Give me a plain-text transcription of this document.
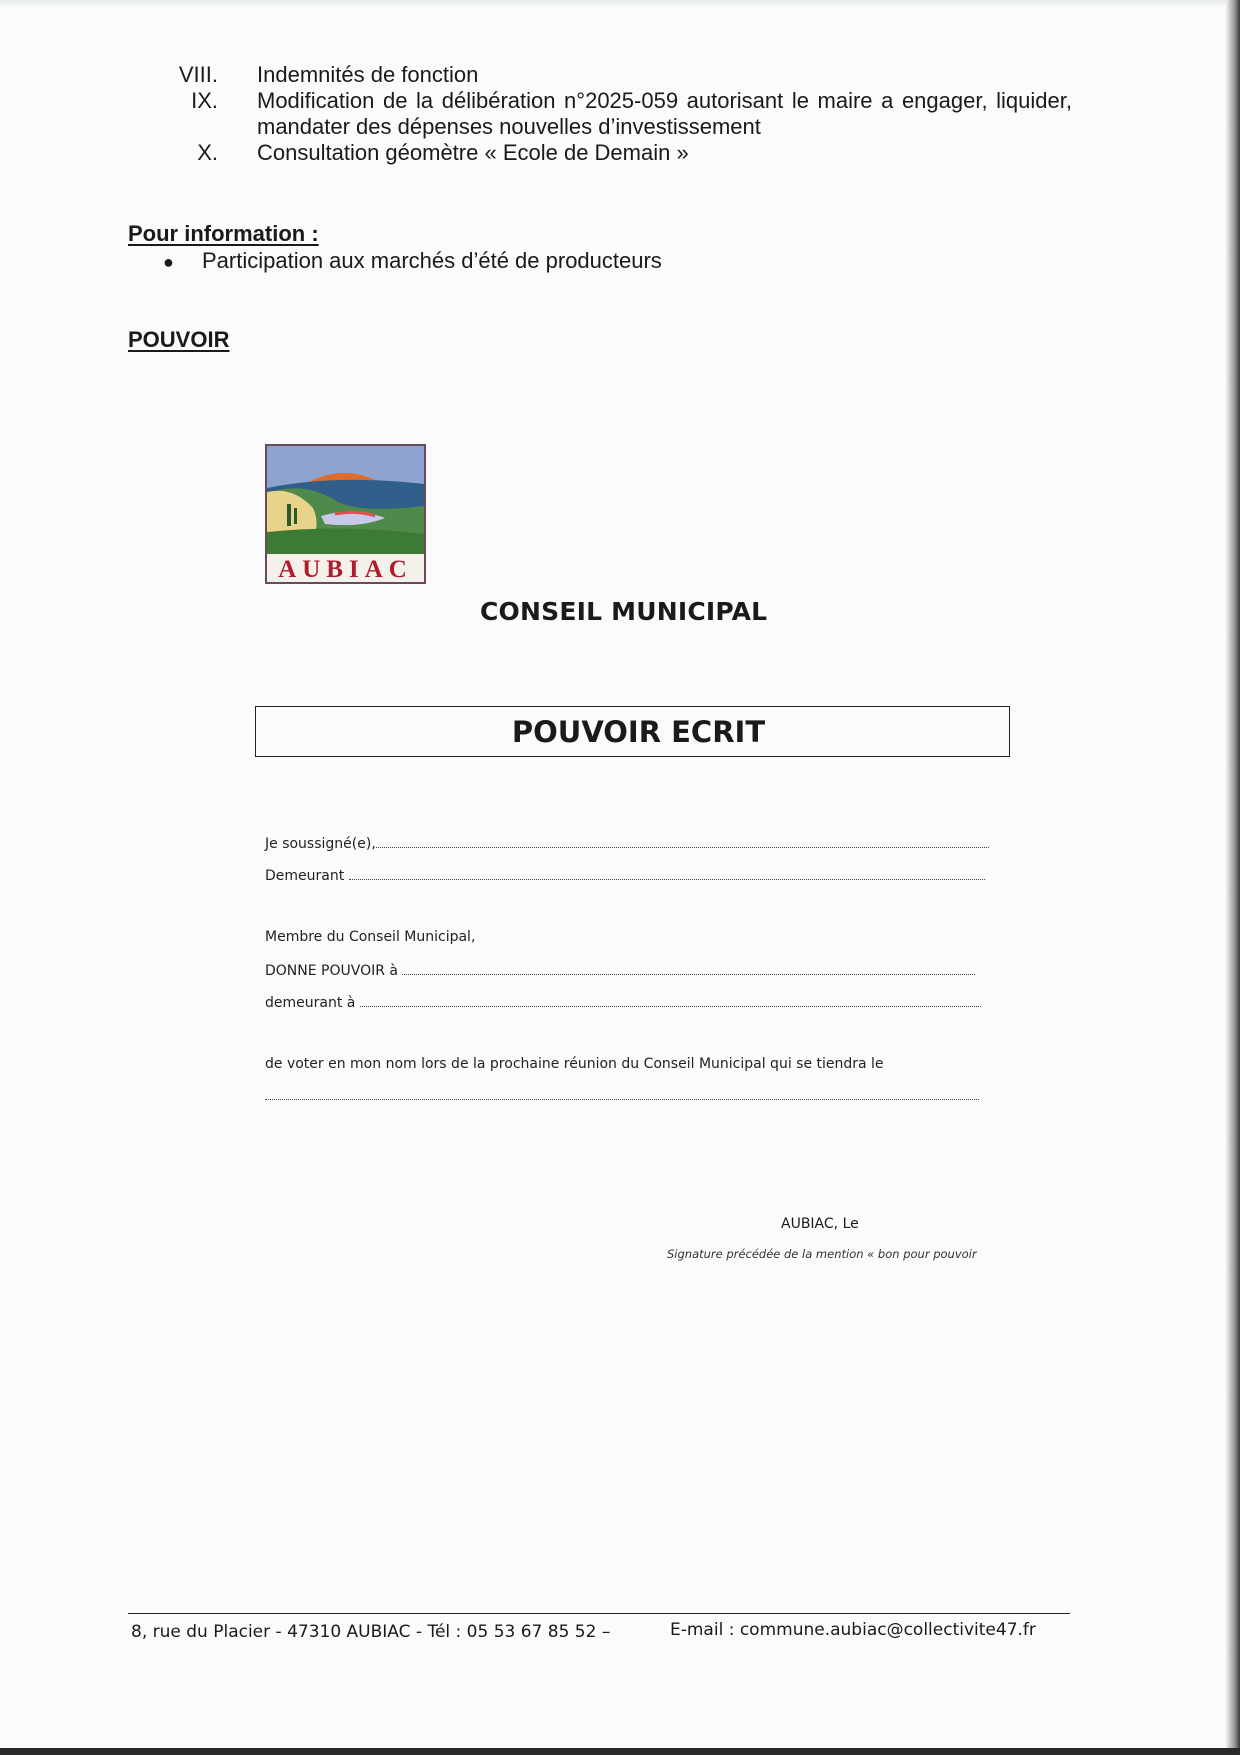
VIII.	Indemnités de fonction
IX.	Modification de la délibération n°2025-059 autorisant le maire a engager, liquider, mandater des dépenses nouvelles d’investissement
X.	Consultation géomètre « Ecole de Demain »
Pour information :
● Participation aux marchés d’été de producteurs
POUVOIR
AUBIAC
CONSEIL MUNICIPAL
POUVOIR ECRIT
Je soussigné(e),
Demeurant
Membre du Conseil Municipal,
DONNE POUVOIR à
demeurant à
de voter en mon nom lors de la prochaine réunion du Conseil Municipal qui se tiendra le
AUBIAC, Le
Signature précédée de la mention « bon pour pouvoir
8, rue du Placier - 47310 AUBIAC - Tél : 05 53 67 85 52 –	E-mail : commune.aubiac@collectivite47.fr
